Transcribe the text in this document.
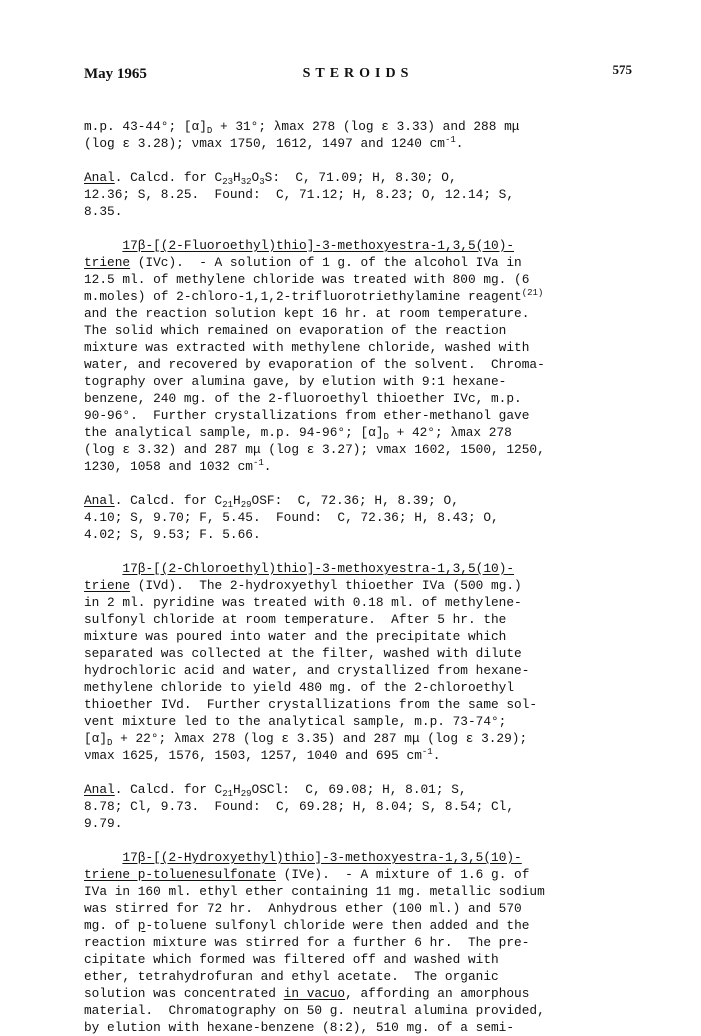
May 1965	STEROIDS	575
m.p. 43-44°; $[\alpha]_D + 31^\circ$; λmax 278 (log ε 3.33) and 288 mμ
(log ε 3.28); νmax 1750, 1612, 1497 and 1240 $cm^{-1}$.
Anal. Calcd. for $C_{23}H_{32}O_3S$:  C, 71.09; H, 8.30; O,
12.36; S, 8.25.  Found:  C, 71.12; H, 8.23; O, 12.14; S,
8.35.
17β-[(2-Fluoroethyl)thio]-3-methoxyestra-1,3,5(10)-
triene (IVc).  - A solution of 1 g. of the alcohol IVa in
12.5 ml. of methylene chloride was treated with 800 mg. (6
m.moles) of 2-chloro-1,1,2-trifluorotriethylamine reagent$^{(21)}$
and the reaction solution kept 16 hr. at room temperature.
The solid which remained on evaporation of the reaction
mixture was extracted with methylene chloride, washed with
water, and recovered by evaporation of the solvent.  Chroma-
tography over alumina gave, by elution with 9:1 hexane-
benzene, 240 mg. of the 2-fluoroethyl thioether IVc, m.p.
90-96°.  Further crystallizations from ether-methanol gave
the analytical sample, m.p. 94-96°; $[\alpha]_D + 42^\circ$; λmax 278
(log ε 3.32) and 287 mμ (log ε 3.27); νmax 1602, 1500, 1250,
1230, 1058 and 1032 $cm^{-1}$.
Anal. Calcd. for $C_{21}H_{29}OSF$:  C, 72.36; H, 8.39; O,
4.10; S, 9.70; F, 5.45.  Found:  C, 72.36; H, 8.43; O,
4.02; S, 9.53; F. 5.66.
17β-[(2-Chloroethyl)thio]-3-methoxyestra-1,3,5(10)-
triene (IVd).  The 2-hydroxyethyl thioether IVa (500 mg.)
in 2 ml. pyridine was treated with 0.18 ml. of methylene-
sulfonyl chloride at room temperature.  After 5 hr. the
mixture was poured into water and the precipitate which
separated was collected at the filter, washed with dilute
hydrochloric acid and water, and crystallized from hexane-
methylene chloride to yield 480 mg. of the 2-chloroethyl
thioether IVd.  Further crystallizations from the same sol-
vent mixture led to the analytical sample, m.p. 73-74°;
$[\alpha]_D + 22^\circ$; λmax 278 (log ε 3.35) and 287 mμ (log ε 3.29);
νmax 1625, 1576, 1503, 1257, 1040 and 695 $cm^{-1}$.
Anal. Calcd. for $C_{21}H_{29}OSCl$:  C, 69.08; H, 8.01; S,
8.78; Cl, 9.73.  Found:  C, 69.28; H, 8.04; S, 8.54; Cl,
9.79.
17β-[(2-Hydroxyethyl)thio]-3-methoxyestra-1,3,5(10)-
triene p-toluenesulfonate (IVe).  - A mixture of 1.6 g. of
IVa in 160 ml. ethyl ether containing 11 mg. metallic sodium
was stirred for 72 hr.  Anhydrous ether (100 ml.) and 570
mg. of p-toluene sulfonyl chloride were then added and the
reaction mixture was stirred for a further 6 hr.  The pre-
cipitate which formed was filtered off and washed with
ether, tetrahydrofuran and ethyl acetate.  The organic
solution was concentrated in vacuo, affording an amorphous
material.  Chromatography on 50 g. neutral alumina provided,
by elution with hexane-benzene (8:2), 510 mg. of a semi-
